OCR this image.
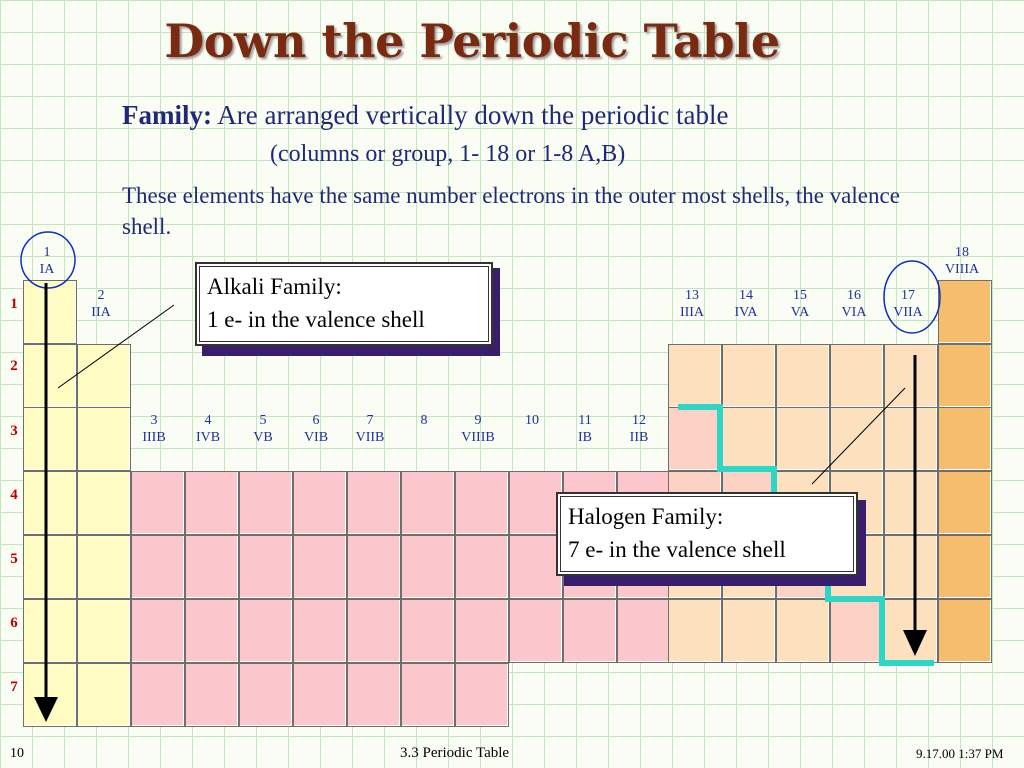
Down the Periodic Table
Family: Are arranged vertically down the periodic table
(columns or group, 1- 18 or 1-8 A,B)
These elements have the same number electrons in the outer most shells, the valence shell.
1
IA
2
IIA
3
IIIB
4
IVB
5
VB
6
VIB
7
VIIB
8	9
VIIIB
10	11
IB
12
IIB
13
IIIA
14
IVA
15
VA
16
VIA
17
VIIA
18
VIIIA
1
2
3
4
5
6
7
Alkali Family:
1 e- in the valence shell
Halogen Family:
7 e- in the valence shell
10	3.3 Periodic Table	9.17.00 1:37 PM
